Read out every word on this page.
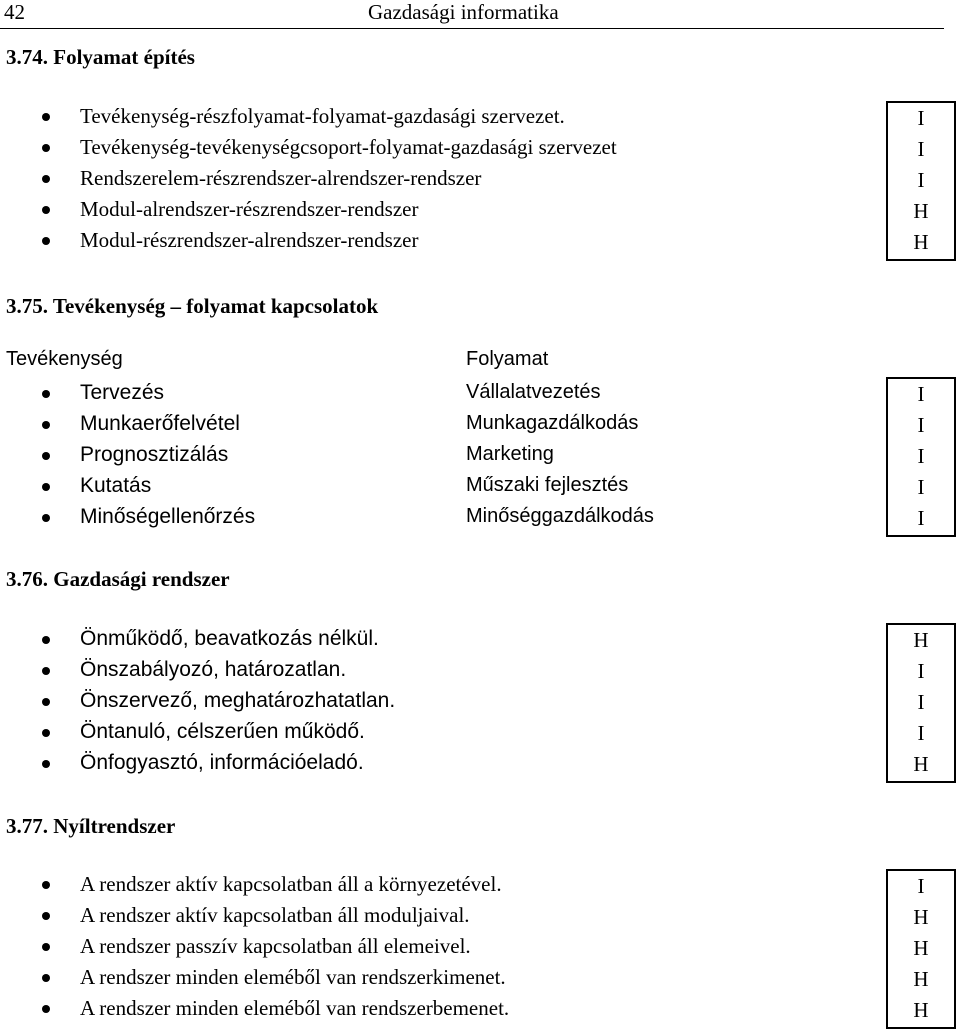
42	Gazdasági informatika
3.74. Folyamat építés
Tevékenység-részfolyamat-folyamat-gazdasági szervezet.
Tevékenység-tevékenységcsoport-folyamat-gazdasági szervezet
Rendszerelem-részrendszer-alrendszer-rendszer
Modul-alrendszer-részrendszer-rendszer
Modul-részrendszer-alrendszer-rendszer
I
I
I
H
H
3.75. Tevékenység – folyamat kapcsolatok
Tevékenység	Folyamat
Tervezés
Munkaerőfelvétel
Prognosztizálás
Kutatás
Minőségellenőrzés
Vállalatvezetés
Munkagazdálkodás
Marketing
Műszaki fejlesztés
Minőséggazdálkodás
I
I
I
I
I
3.76. Gazdasági rendszer
Önműködő, beavatkozás nélkül.
Önszabályozó, határozatlan.
Önszervező, meghatározhatatlan.
Öntanuló, célszerűen működő.
Önfogyasztó, információeladó.
H
I
I
I
H
3.77. Nyíltrendszer
A rendszer aktív kapcsolatban áll a környezetével.
A rendszer aktív kapcsolatban áll moduljaival.
A rendszer passzív kapcsolatban áll elemeivel.
A rendszer minden eleméből van rendszerkimenet.
A rendszer minden eleméből van rendszerbemenet.
I
H
H
H
H
